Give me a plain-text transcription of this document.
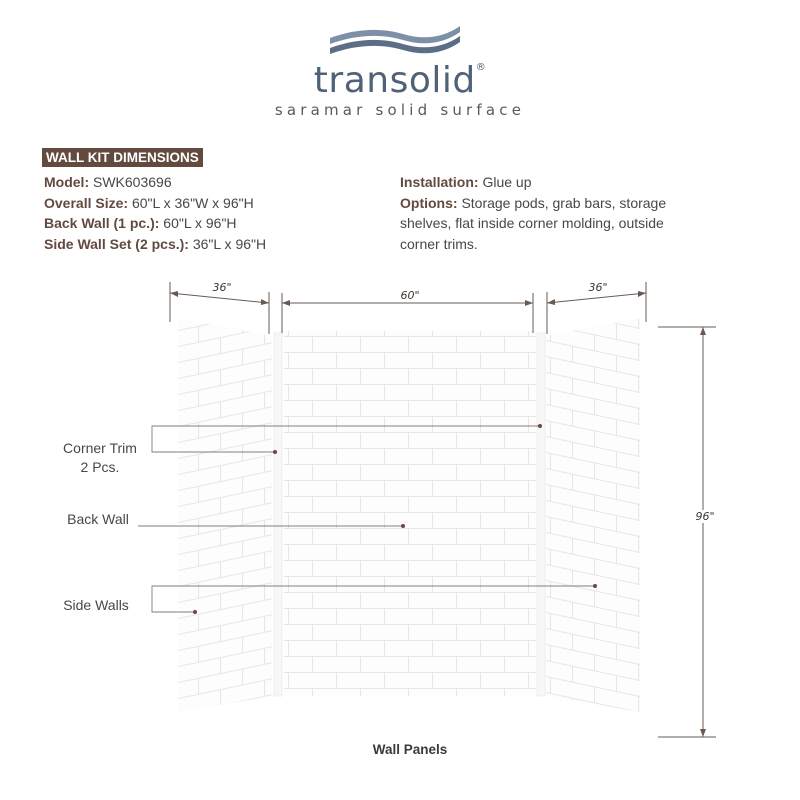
transolid®
saramar solid surface
WALL KIT DIMENSIONS
Model: SWK603696
Overall Size: 60"L x 36"W x 96"H
Back Wall (1 pc.): 60"L x 96"H
Side Wall Set (2 pcs.): 36"L x 96"H
Installation: Glue up
Options: Storage pods, grab bars, storage
shelves, flat inside corner molding, outside
corner trims.
36"
60"
36"
96"
Corner Trim
2 Pcs.
Back Wall
Side Walls
Wall Panels
